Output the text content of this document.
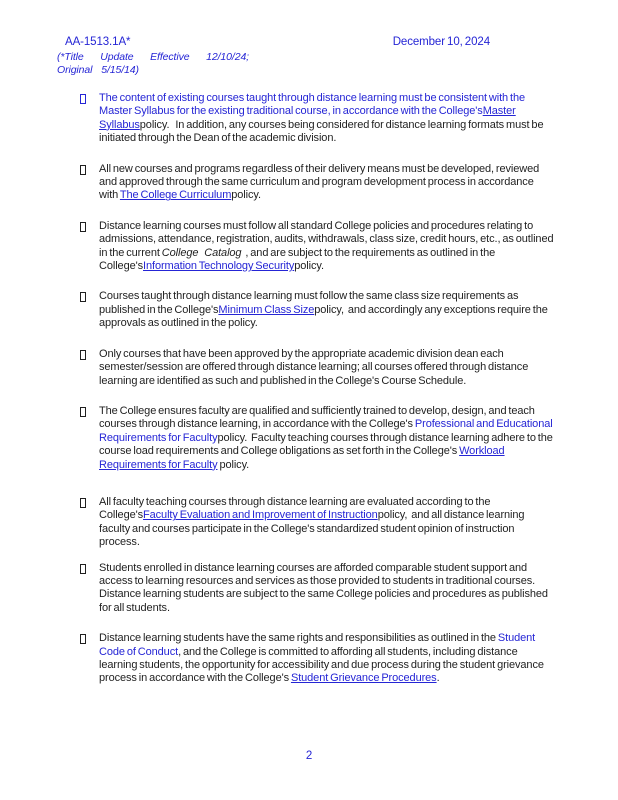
AA-1513.1A*	December 10, 2024
(*Title Update Effective 12/10/24;
Original 5/15/14)
The content of existing courses taught through distance learning must be consistent with the Master Syllabus for the existing traditional course, in accordance with the College'sMaster Syllabuspolicy.   In addition, any courses being considered for distance learning formats must be initiated through the Dean of the academic division.
All new courses and programs regardless of their delivery means must be developed, reviewed and approved through the same curriculum and program development process in accordance with The College Curriculumpolicy.
Distance learning courses must follow all standard College policies and procedures relating to admissions, attendance, registration, audits, withdrawals, class size, credit hours, etc., as outlined in the current College   Catalog  , and are subject to the requirements as outlined in the College'sInformation Technology Securitypolicy.
Courses taught through distance learning must follow the same class size requirements as published in the College'sMinimum Class Sizepolicy,  and accordingly any exceptions require the approvals as outlined in the policy.
Only courses that have been approved by the appropriate academic division dean each semester/session are offered through distance learning; all courses offered through distance learning are identified as such and published in the College's Course Schedule.
The College ensures faculty are qualified and sufficiently trained to develop, design, and teach courses through distance learning, in accordance with the College's Professional and Educational Requirements for Facultypolicy.  Faculty teaching courses through distance learning adhere to the course load requirements and College obligations as set forth in the College's Workload Requirements for Faculty policy.
All faculty teaching courses through distance learning are evaluated according to the College'sFaculty Evaluation and Improvement of Instructionpolicy,  and all distance learning faculty and courses participate in the College's standardized student opinion of instruction process.
Students enrolled in distance learning courses are afforded comparable student support and access to learning resources and services as those provided to students in traditional courses. Distance learning students are subject to the same College policies and procedures as published for all students.
Distance learning students have the same rights and responsibilities as outlined in the Student Code of Conduct, and the College is committed to affording all students, including distance learning students, the opportunity for accessibility and due process during the student grievance process in accordance with the College's Student Grievance Procedures.
2
